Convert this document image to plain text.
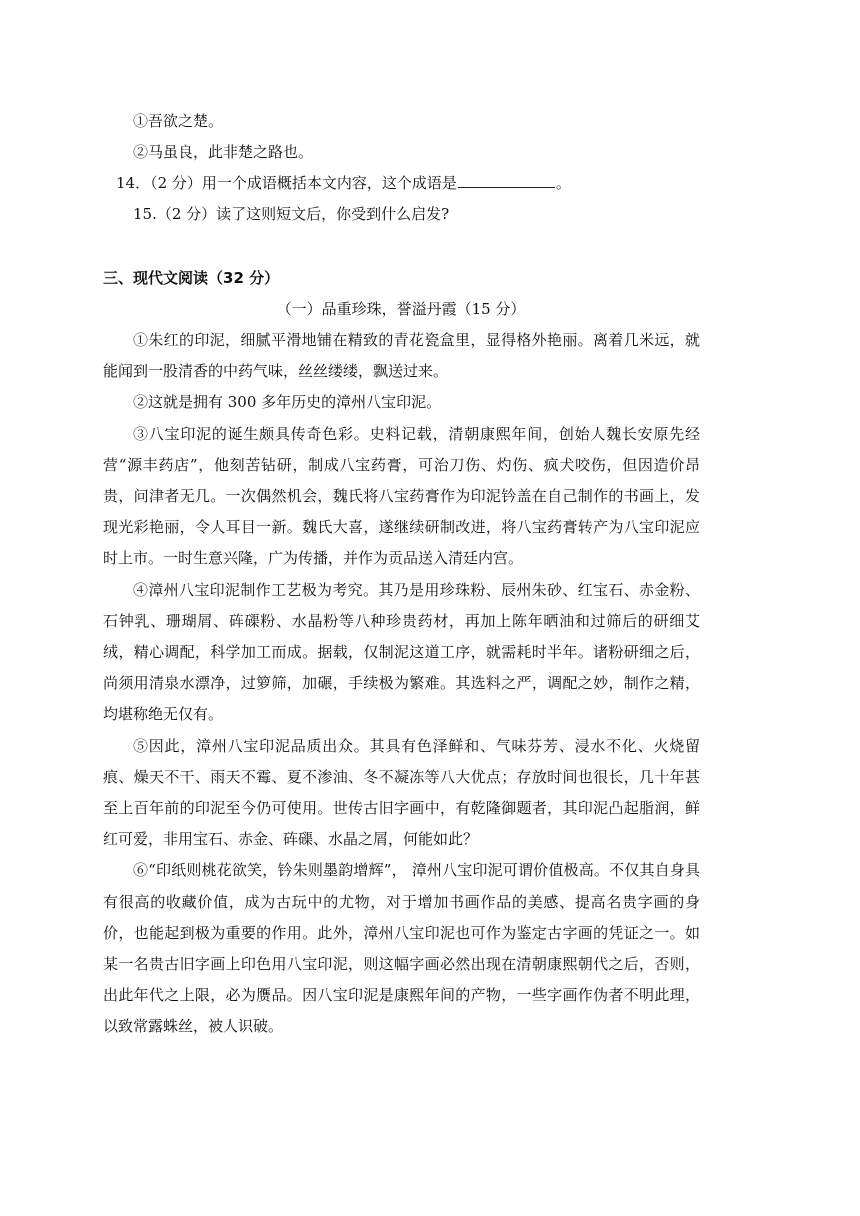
①吾欲之楚。
②马虽良，此非楚之路也。
14．（2 分）用一个成语概括本文内容，这个成语是	。
15.（2 分）读了这则短文后，你受到什么启发?
三、现代文阅读（32 分）
（一）品重珍珠，誉溢丹霞（15 分）

①朱红的印泥，细腻平滑地铺在精致的青花瓷盒里，显得格外艳丽。离着几米远，就能闻到一股清香的中药气味，丝丝缕缕，飘送过来。

②这就是拥有 300 多年历史的漳州八宝印泥。

③八宝印泥的诞生颇具传奇色彩。史料记载，清朝康熙年间，创始人魏长安原先经营“源丰药店”，他刻苦钻研，制成八宝药膏，可治刀伤、灼伤、疯犬咬伤，但因造价昂贵，问津者无几。一次偶然机会，魏氏将八宝药膏作为印泥钤盖在自己制作的书画上，发现光彩艳丽，令人耳目一新。魏氏大喜，遂继续研制改进，将八宝药膏转产为八宝印泥应时上市。一时生意兴隆，广为传播，并作为贡品送入清廷内宫。

④漳州八宝印泥制作工艺极为考究。其乃是用珍珠粉、辰州朱砂、红宝石、赤金粉、石钟乳、珊瑚屑、砗磲粉、水晶粉等八种珍贵药材，再加上陈年晒油和过筛后的研细艾绒，精心调配，科学加工而成。据载，仅制泥这道工序，就需耗时半年。诸粉研细之后，尚须用清泉水漂净，过箩筛，加碾，手续极为繁难。其选料之严，调配之妙，制作之精，均堪称绝无仅有。

⑤因此，漳州八宝印泥品质出众。其具有色泽鲜和、气味芬芳、浸水不化、火烧留痕、燥天不干、雨天不霉、夏不渗油、冬不凝冻等八大优点；存放时间也很长，几十年甚至上百年前的印泥至今仍可使用。世传古旧字画中，有乾隆御题者，其印泥凸起脂润，鲜红可爱，非用宝石、赤金、砗磲、水晶之屑，何能如此？

⑥“印纸则桃花欲笑，钤朱则墨韵增辉”， 漳州八宝印泥可谓价值极高。不仅其自身具有很高的收藏价值，成为古玩中的尤物，对于增加书画作品的美感、提高名贵字画的身价，也能起到极为重要的作用。此外，漳州八宝印泥也可作为鉴定古字画的凭证之一。如某一名贵古旧字画上印色用八宝印泥，则这幅字画必然出现在清朝康熙朝代之后，否则，出此年代之上限，必为赝品。因八宝印泥是康熙年间的产物，一些字画作伪者不明此理，以致常露蛛丝，被人识破。
